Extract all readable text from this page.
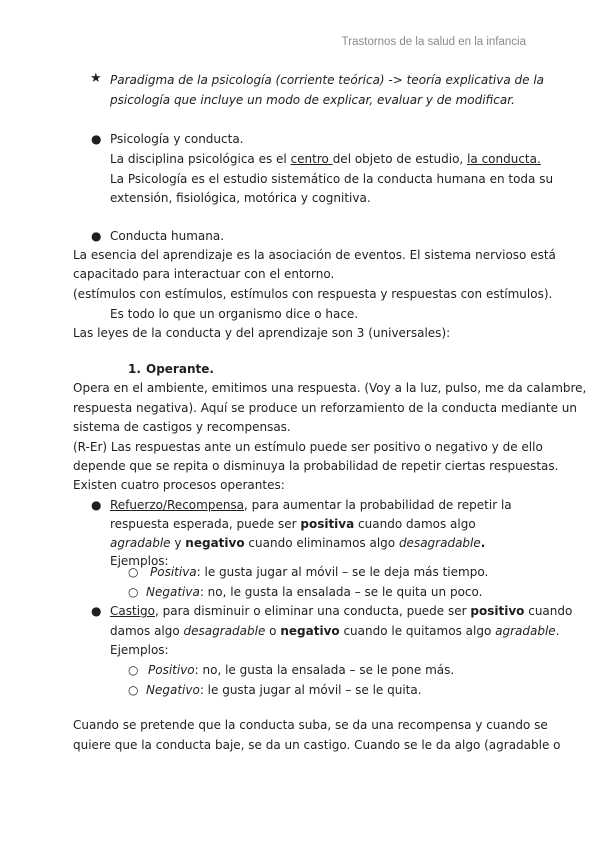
Trastornos de la salud en la infancia
★ Paradigma de la psicología (corriente teórica) -> teoría explicativa de la
psicología que incluye un modo de explicar, evaluar y de modificar.
● Psicología y conducta.
La disciplina psicológica es el centro del objeto de estudio, la conducta.
La Psicología es el estudio sistemático de la conducta humana en toda su
extensión, fisiológica, motórica y cognitiva.
● Conducta humana.
La esencia del aprendizaje es la asociación de eventos. El sistema nervioso está
capacitado para interactuar con el entorno.
(estímulos con estímulos, estímulos con respuesta y respuestas con estímulos).
Es todo lo que un organismo dice o hace.
Las leyes de la conducta y del aprendizaje son 3 (universales):
1. Operante.
Opera en el ambiente, emitimos una respuesta. (Voy a la luz, pulso, me da calambre,
respuesta negativa). Aquí se produce un reforzamiento de la conducta mediante un
sistema de castigos y recompensas.
(R-Er) Las respuestas ante un estímulo puede ser positivo o negativo y de ello
depende que se repita o disminuya la probabilidad de repetir ciertas respuestas.
Existen cuatro procesos operantes:
● Refuerzo/Recompensa, para aumentar la probabilidad de repetir la
respuesta esperada, puede ser positiva cuando damos algo
agradable y negativo cuando eliminamos algo desagradable.
Ejemplos:
○ Positiva: le gusta jugar al móvil – se le deja más tiempo.
○ Negativa: no, le gusta la ensalada – se le quita un poco.
● Castigo, para disminuir o eliminar una conducta, puede ser positivo cuando
damos algo desagradable o negativo cuando le quitamos algo agradable.
Ejemplos:
○ Positivo: no, le gusta la ensalada – se le pone más.
○ Negativo: le gusta jugar al móvil – se le quita.
Cuando se pretende que la conducta suba, se da una recompensa y cuando se
quiere que la conducta baje, se da un castigo. Cuando se le da algo (agradable o
